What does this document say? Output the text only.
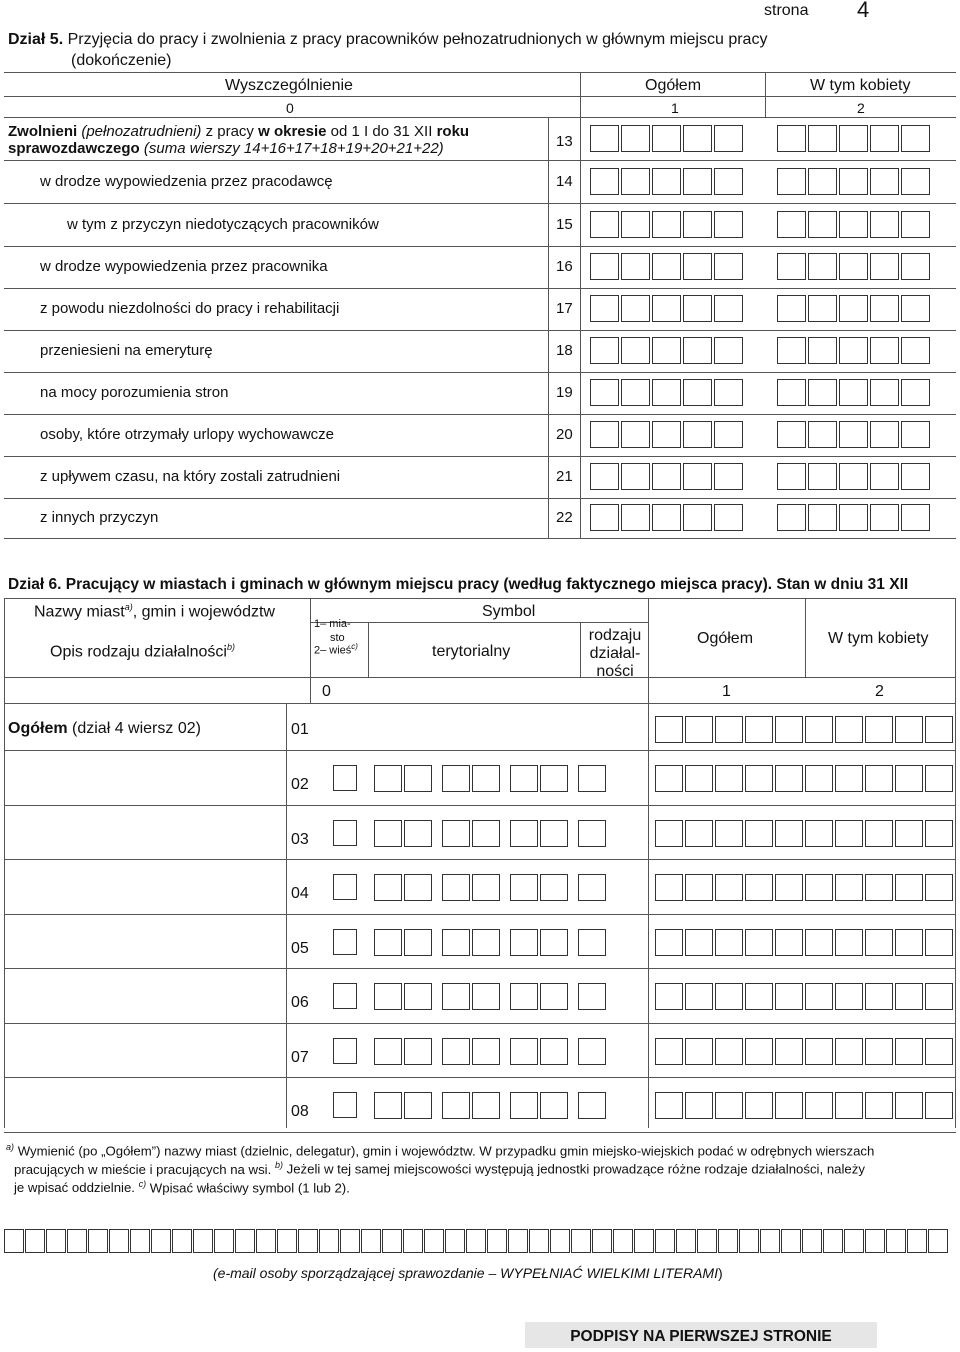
strona 4
Dział 5. Przyjęcia do pracy i zwolnienia z pracy pracowników pełnozatrudnionych w głównym miejscu pracy
(dokończenie)
Wyszczególnienie	Ogółem	W tym kobiety
0	1	2
Zwolnieni (pełnozatrudnieni) z pracy w okresie od 1 I do 31 XII roku
sprawozdawczego (suma wierszy 14+16+17+18+19+20+21+22)	13
w drodze wypowiedzenia przez pracodawcę	14
w tym z przyczyn niedotyczących pracowników	15
w drodze wypowiedzenia przez pracownika	16
z powodu niezdolności do pracy i rehabilitacji	17
przeniesieni na emeryturę	18
na mocy porozumienia stron	19
osoby, które otrzymały urlopy wychowawcze	20
z upływem czasu, na który zostali zatrudnieni	21
z innych przyczyn	22
Dział 6. Pracujący w miastach i gminach w głównym miejscu pracy (według faktycznego miejsca pracy). Stan w dniu 31 XII
Nazwy miast$^{a)}$, gmin i województw
Opis rodzaju działalności$^{b)}$
1– mia-
sto
2– wieś$^{c)}$
Symbol
terytorialny
rodzaju
działal-
ności
Ogółem	W tym kobiety
0	1	2
Ogółem (dział 4 wiersz 02)	01
02
03
04
05
06
07
08
$^{a)}$ Wymienić (po „Ogółem”) nazwy miast (dzielnic, delegatur), gmin i województw. W przypadku gmin miejsko-wiejskich podać w odrębnych wierszach
pracujących w mieście i pracujących na wsi. $^{b)}$ Jeżeli w tej samej miejscowości występują jednostki prowadzące różne rodzaje działalności, należy
je wpisać oddzielnie. $^{c)}$ Wpisać właściwy symbol (1 lub 2).
(e-mail osoby sporządzającej sprawozdanie – WYPEŁNIAĆ WIELKIMI LITERAMI)
PODPISY NA PIERWSZEJ STRONIE
